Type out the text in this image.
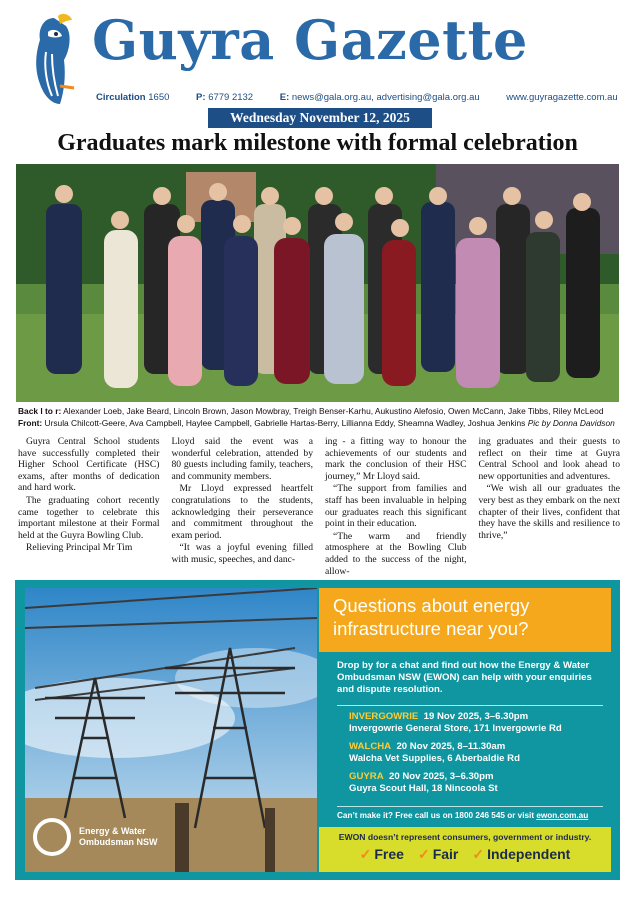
Guyra Gazette
Circulation 1650	P: 6779 2132	E: news@gala.org.au, advertising@gala.org.au	www.guyragazette.com.au
Wednesday November 12, 2025
Graduates mark milestone with formal celebration
Back l to r: Alexander Loeb, Jake Beard, Lincoln Brown, Jason Mowbray, Treigh Benser-Karhu, Aukustino Alefosio, Owen McCann, Jake Tibbs, Riley McLeod
Front: Ursula Chilcott-Geere, Ava Campbell, Haylee Campbell, Gabrielle Hartas-Berry, Lillianna Eddy, Sheamna Wadley, Joshua Jenkins Pic by Donna Davidson

Guyra Central School students have successfully completed their Higher School Certificate (HSC) exams, after months of dedication and hard work.

The graduating cohort recently came together to celebrate this important milestone at their Formal held at the Guyra Bowling Club.

Relieving Principal Mr Tim

Lloyd said the event was a wonderful celebration, attended by 80 guests including family, teachers, and community members.

Mr Lloyd expressed heartfelt congratulations to the students, acknowledging their perseverance and commitment throughout the exam period.

“It was a joyful evening filled with music, speeches, and danc-

ing - a fitting way to honour the achievements of our students and mark the conclusion of their HSC journey,” Mr Lloyd said.

“The support from families and staff has been invaluable in helping our graduates reach this significant point in their education.

“The warm and friendly atmosphere at the Bowling Club added to the success of the night, allow-

ing graduates and their guests to reflect on their time at Guyra Central School and look ahead to new opportunities and adventures.

“We wish all our graduates the very best as they embark on the next chapter of their lives, confident that they have the skills and resilience to thrive,”

Energy & Water
Ombudsman NSW
Questions about energy infrastructure near you?
Drop by for a chat and find out how the Energy & Water Ombudsman NSW (EWON) can help with your enquiries and dispute resolution.
INVERGOWRIE 19 Nov 2025, 3–6.30pm
Invergowrie General Store, 171 Invergowrie Rd
WALCHA 20 Nov 2025, 8–11.30am
Walcha Vet Supplies, 6 Aberbaldie Rd
GUYRA 20 Nov 2025, 3–6.30pm
Guyra Scout Hall, 18 Nincoola St
Can’t make it? Free call us on 1800 246 545 or visit ewon.com.au
EWON doesn’t represent consumers, government or industry.
✓ Free ✓ Fair ✓ Independent
